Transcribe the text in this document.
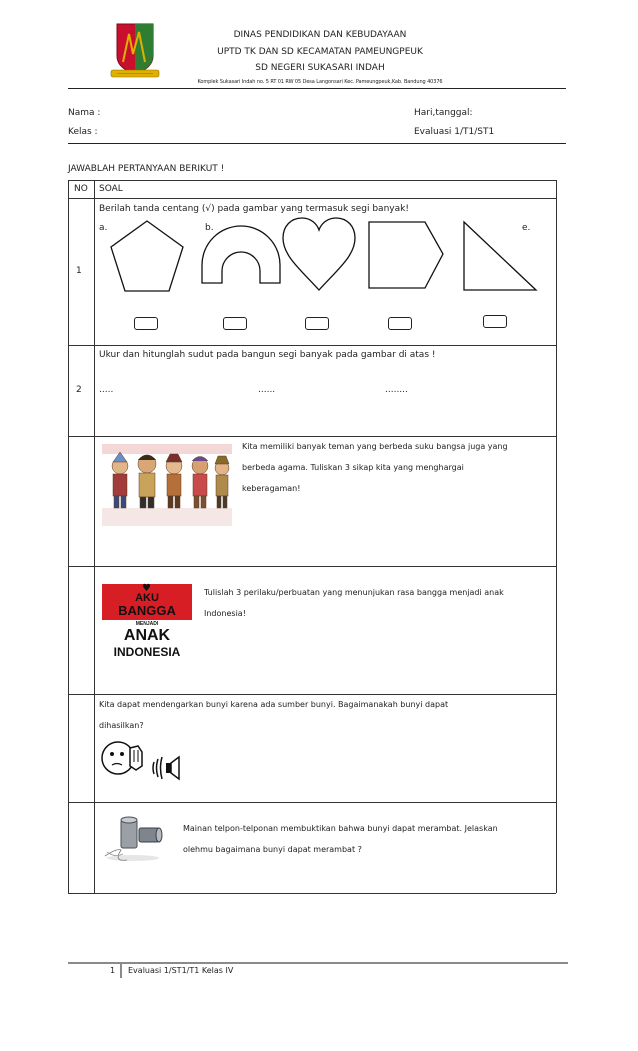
DINAS PENDIDIKAN DAN KEBUDAYAAN
UPTD TK DAN SD KECAMATAN PAMEUNGPEUK
SD NEGERI SUKASARI INDAH
Komplek Sukasari Indah no. 5 RT 01 RW 05 Desa Langonsari Kec. Pameungpeuk,Kab. Bandung 40376
Nama :	Hari,tanggal:
Kelas :	Evaluasi 1/T1/ST1
JAWABLAH PERTANYAAN BERIKUT !
NO SOAL
1
Berilah tanda centang (√) pada gambar yang termasuk segi banyak!
a.	b.	e.
2
Ukur dan hitunglah sudut pada bangun segi banyak pada gambar di atas !
.....	......	........
Kita memiliki banyak teman yang berbeda suku bangsa juga yang
berbeda agama. Tuliskan 3 sikap kita yang menghargai
keberagaman!
♥
AKU
BANGGA
MENJADI
ANAK
INDONESIA
Tulislah 3 perilaku/perbuatan yang menunjukan rasa bangga menjadi anak
Indonesia!
Kita dapat mendengarkan bunyi karena ada sumber bunyi. Bagaimanakah bunyi dapat
dihasilkan?
Mainan telpon-telponan membuktikan bahwa bunyi dapat merambat. Jelaskan
olehmu bagaimana bunyi dapat merambat ?
1 Evaluasi 1/ST1/T1 Kelas IV
